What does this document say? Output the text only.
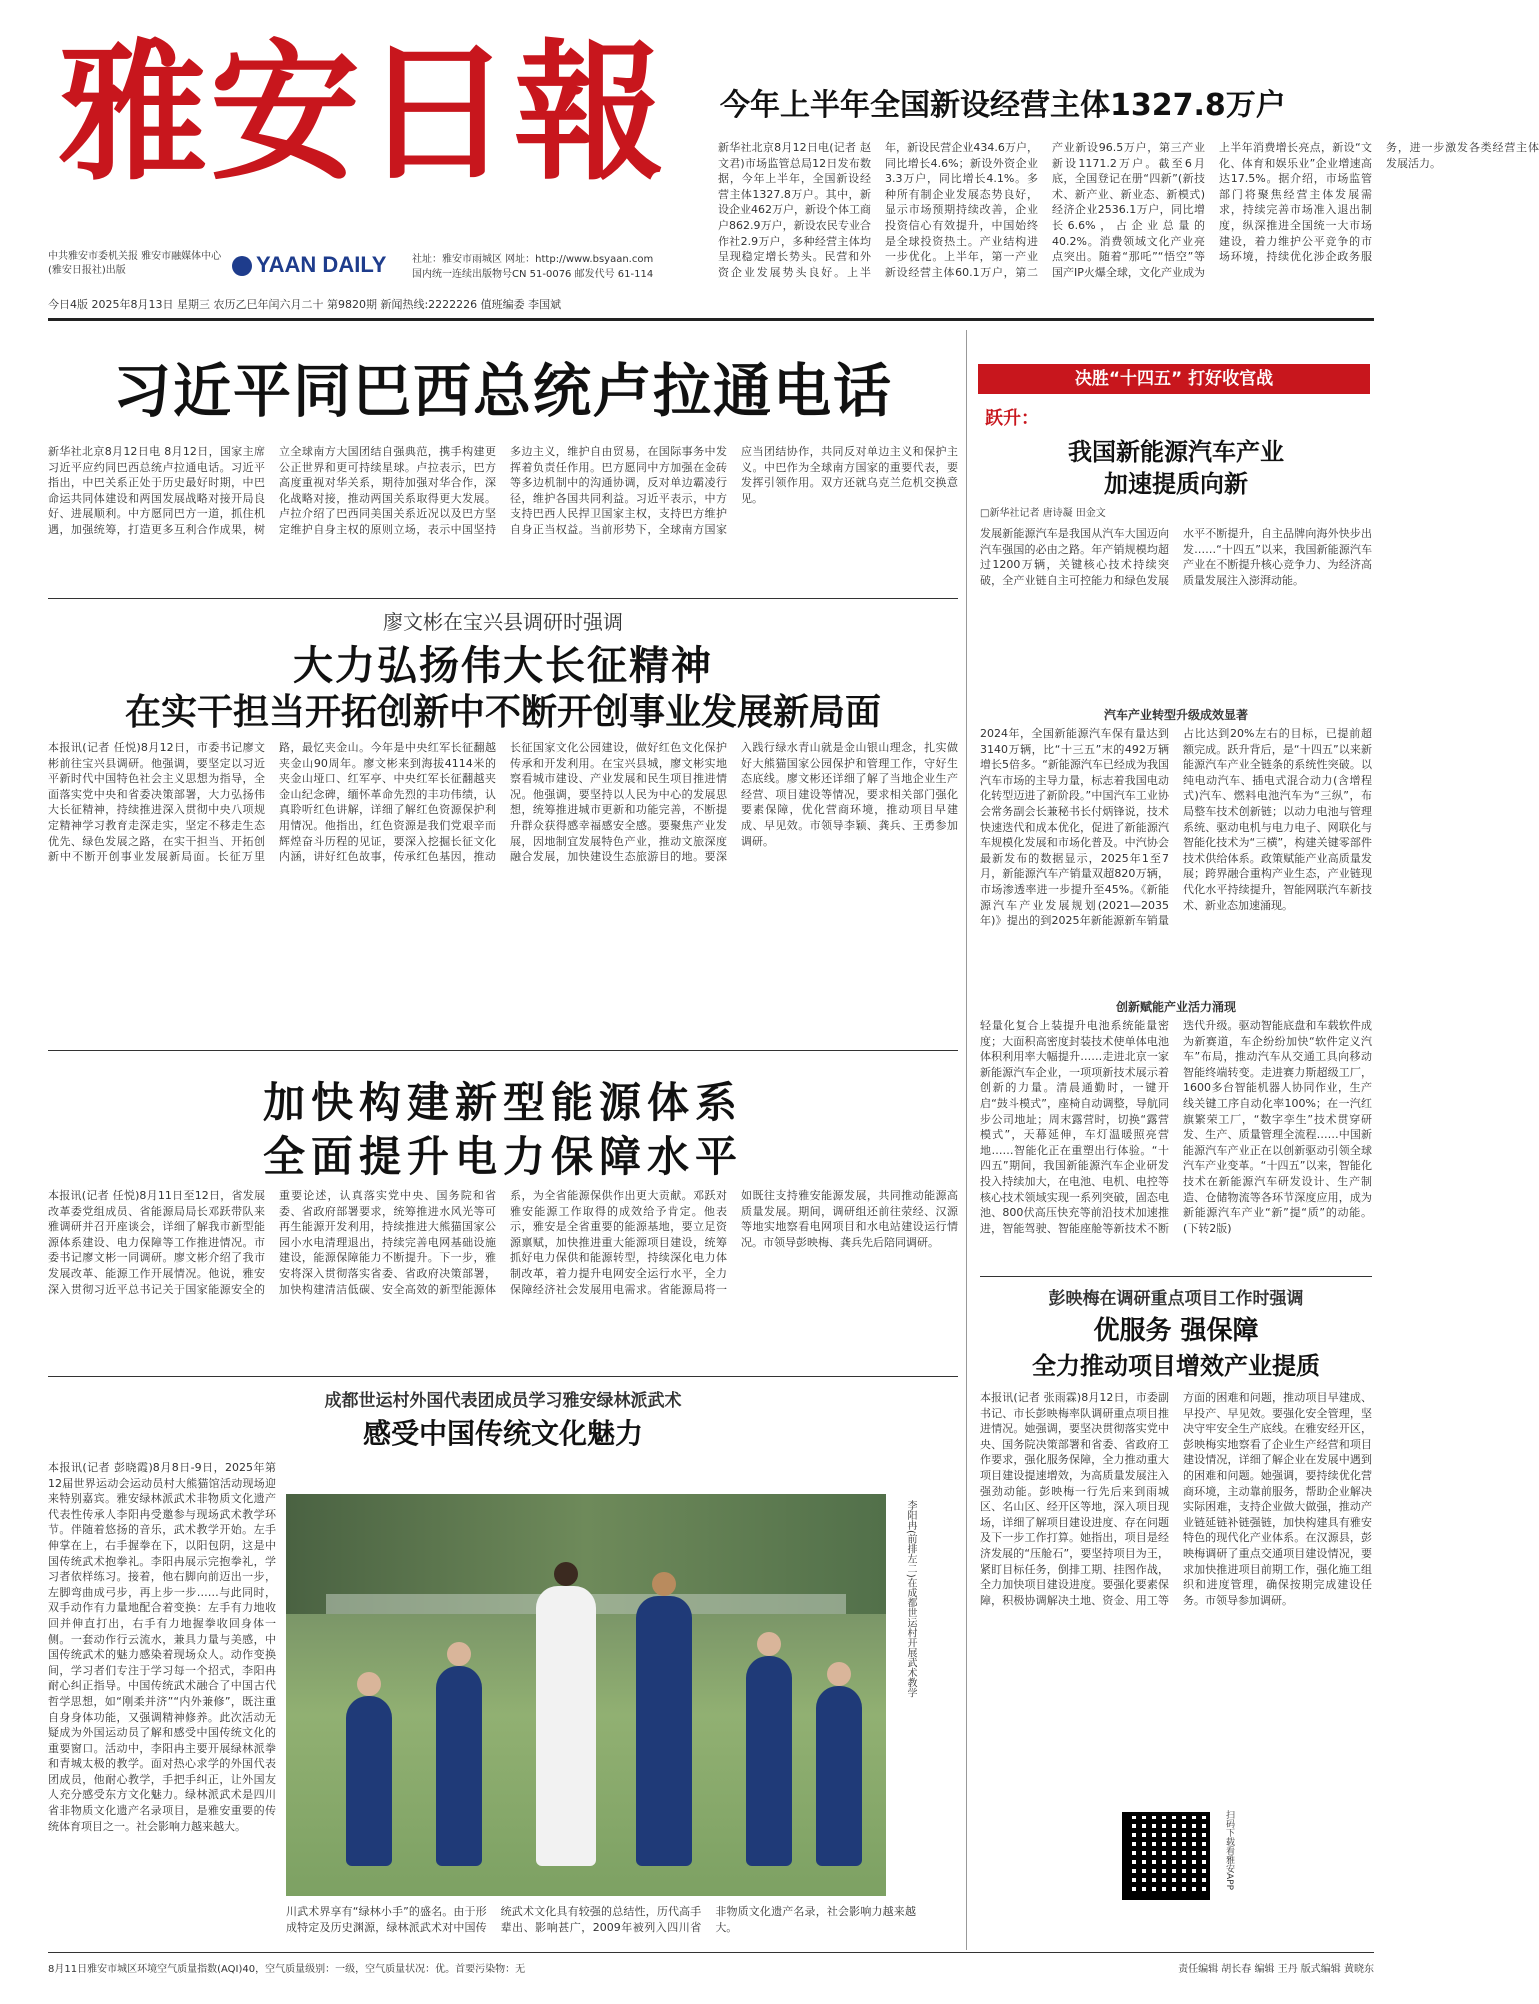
雅安日報
中共雅安市委机关报 雅安市融媒体中心(雅安日报社)出版	YAAN DAILY	社址：雅安市雨城区 网址：http://www.bsyaan.com
国内统一连续出版物号CN 51-0076 邮发代号 61-114
今日4版 2025年8月13日 星期三 农历乙巳年闰六月二十 第9820期 新闻热线:2222226 值班编委 李国斌
今年上半年全国新设经营主体1327.8万户
新华社北京8月12日电(记者 赵文君)市场监管总局12日发布数据，今年上半年，全国新设经营主体1327.8万户。其中，新设企业462万户，新设个体工商户862.9万户，新设农民专业合作社2.9万户，多种经营主体均呈现稳定增长势头。民营和外资企业发展势头良好。上半年，新设民营企业434.6万户，同比增长4.6%；新设外资企业3.3万户，同比增长4.1%。多种所有制企业发展态势良好，显示市场预期持续改善，企业投资信心有效提升，中国始终是全球投资热土。产业结构进一步优化。上半年，第一产业新设经营主体60.1万户，第二产业新设96.5万户，第三产业新设1171.2万户。截至6月底，全国登记在册“四新”(新技术、新产业、新业态、新模式)经济企业2536.1万户，同比增长6.6%，占企业总量的40.2%。消费领域文化产业亮点突出。随着“那吒”“悟空”等国产IP火爆全球，文化产业成为上半年消费增长亮点，新设“文化、体育和娱乐业”企业增速高达17.5%。据介绍，市场监管部门将聚焦经营主体发展需求，持续完善市场准入退出制度，纵深推进全国统一大市场建设，着力维护公平竞争的市场环境，持续优化涉企政务服务，进一步激发各类经营主体发展活力。
习近平同巴西总统卢拉通电话
新华社北京8月12日电 8月12日，国家主席习近平应约同巴西总统卢拉通电话。习近平指出，中巴关系正处于历史最好时期，中巴命运共同体建设和两国发展战略对接开局良好、进展顺利。中方愿同巴方一道，抓住机遇，加强统筹，打造更多互利合作成果，树立全球南方大国团结自强典范，携手构建更公正世界和更可持续星球。卢拉表示，巴方高度重视对华关系，期待加强对华合作，深化战略对接，推动两国关系取得更大发展。卢拉介绍了巴西同美国关系近况以及巴方坚定维护自身主权的原则立场，表示中国坚持多边主义，维护自由贸易，在国际事务中发挥着负责任作用。巴方愿同中方加强在金砖等多边机制中的沟通协调，反对单边霸凌行径，维护各国共同利益。习近平表示，中方支持巴西人民捍卫国家主权，支持巴方维护自身正当权益。当前形势下，全球南方国家应当团结协作，共同反对单边主义和保护主义。中巴作为全球南方国家的重要代表，要发挥引领作用。双方还就乌克兰危机交换意见。
廖文彬在宝兴县调研时强调
大力弘扬伟大长征精神
在实干担当开拓创新中不断开创事业发展新局面
本报讯(记者 任悦)8月12日，市委书记廖文彬前往宝兴县调研。他强调，要坚定以习近平新时代中国特色社会主义思想为指导，全面落实党中央和省委决策部署，大力弘扬伟大长征精神，持续推进深入贯彻中央八项规定精神学习教育走深走实，坚定不移走生态优先、绿色发展之路，在实干担当、开拓创新中不断开创事业发展新局面。长征万里路，最忆夹金山。今年是中央红军长征翻越夹金山90周年。廖文彬来到海拔4114米的夹金山垭口、红军亭、中央红军长征翻越夹金山纪念碑，缅怀革命先烈的丰功伟绩，认真聆听红色讲解，详细了解红色资源保护利用情况。他指出，红色资源是我们党艰辛而辉煌奋斗历程的见证，要深入挖掘长征文化内涵，讲好红色故事，传承红色基因，推动长征国家文化公园建设，做好红色文化保护传承和开发利用。在宝兴县城，廖文彬实地察看城市建设、产业发展和民生项目推进情况。他强调，要坚持以人民为中心的发展思想，统筹推进城市更新和功能完善，不断提升群众获得感幸福感安全感。要聚焦产业发展，因地制宜发展特色产业，推动文旅深度融合发展，加快建设生态旅游目的地。要深入践行绿水青山就是金山银山理念，扎实做好大熊猫国家公园保护和管理工作，守好生态底线。廖文彬还详细了解了当地企业生产经营、项目建设等情况，要求相关部门强化要素保障，优化营商环境，推动项目早建成、早见效。市领导李颖、龚兵、王勇参加调研。
加快构建新型能源体系
全面提升电力保障水平
本报讯(记者 任悦)8月11日至12日，省发展改革委党组成员、省能源局局长邓跃带队来雅调研并召开座谈会，详细了解我市新型能源体系建设、电力保障等工作推进情况。市委书记廖文彬一同调研。廖文彬介绍了我市发展改革、能源工作开展情况。他说，雅安深入贯彻习近平总书记关于国家能源安全的重要论述，认真落实党中央、国务院和省委、省政府部署要求，统筹推进水风光等可再生能源开发利用，持续推进大熊猫国家公园小水电清理退出，持续完善电网基础设施建设，能源保障能力不断提升。下一步，雅安将深入贯彻落实省委、省政府决策部署，加快构建清洁低碳、安全高效的新型能源体系，为全省能源保供作出更大贡献。邓跃对雅安能源工作取得的成效给予肯定。他表示，雅安是全省重要的能源基地，要立足资源禀赋，加快推进重大能源项目建设，统筹抓好电力保供和能源转型，持续深化电力体制改革，着力提升电网安全运行水平，全力保障经济社会发展用电需求。省能源局将一如既往支持雅安能源发展，共同推动能源高质量发展。期间，调研组还前往荥经、汉源等地实地察看电网项目和水电站建设运行情况。市领导彭映梅、龚兵先后陪同调研。
成都世运村外国代表团成员学习雅安绿林派武术
感受中国传统文化魅力
本报讯(记者 彭晓霞)8月8日-9日，2025年第12届世界运动会运动员村大熊猫馆活动现场迎来特别嘉宾。雅安绿林派武术非物质文化遗产代表性传承人李阳冉受邀参与现场武术教学环节。伴随着悠扬的音乐，武术教学开始。左手伸掌在上，右手握拳在下，以阳包阴，这是中国传统武术抱拳礼。李阳冉展示完抱拳礼，学习者依样练习。接着，他右脚向前迈出一步，左脚弯曲成弓步，再上步一步……与此同时，双手动作有力量地配合着变换：左手有力地收回并伸直打出，右手有力地握拳收回身体一侧。一套动作行云流水，兼具力量与美感，中国传统武术的魅力感染着现场众人。动作变换间，学习者们专注于学习每一个招式，李阳冉耐心纠正指导。中国传统武术融合了中国古代哲学思想，如“刚柔并济”“内外兼修”，既注重自身身体功能，又强调精神修养。此次活动无疑成为外国运动员了解和感受中国传统文化的重要窗口。活动中，李阳冉主要开展绿林派拳和青城太极的教学。面对热心求学的外国代表团成员，他耐心教学，手把手纠正，让外国友人充分感受东方文化魅力。绿林派武术是四川省非物质文化遗产名录项目，是雅安重要的传统体育项目之一。社会影响力越来越大。
李阳冉(前排左二)在成都世运村开展武术教学
川武术界享有“绿林小手”的盛名。由于形成特定及历史渊源，绿林派武术对中国传统武术文化具有较强的总结性，历代高手辈出、影响甚广，2009年被列入四川省非物质文化遗产名录，社会影响力越来越大。
决胜“十四五” 打好收官战
跃升：
我国新能源汽车产业
加速提质向新
□新华社记者 唐诗凝 田金文
发展新能源汽车是我国从汽车大国迈向汽车强国的必由之路。年产销规模均超过1200万辆，关键核心技术持续突破，全产业链自主可控能力和绿色发展水平不断提升，自主品牌向海外快步出发……“十四五”以来，我国新能源汽车产业在不断提升核心竞争力、为经济高质量发展注入澎湃动能。
汽车产业转型升级成效显著
2024年，全国新能源汽车保有量达到3140万辆，比“十三五”末的492万辆增长5倍多。“新能源汽车已经成为我国汽车市场的主导力量，标志着我国电动化转型迈进了新阶段。”中国汽车工业协会常务副会长兼秘书长付炳锋说，技术快速迭代和成本优化，促进了新能源汽车规模化发展和市场化普及。中汽协会最新发布的数据显示，2025年1至7月，新能源汽车产销量双超820万辆，市场渗透率进一步提升至45%。《新能源汽车产业发展规划(2021—2035年)》提出的到2025年新能源新车销量占比达到20%左右的目标，已提前超额完成。跃升背后，是“十四五”以来新能源汽车产业全链条的系统性突破。以纯电动汽车、插电式混合动力(含增程式)汽车、燃料电池汽车为“三纵”，布局整车技术创新链；以动力电池与管理系统、驱动电机与电力电子、网联化与智能化技术为“三横”，构建关键零部件技术供给体系。政策赋能产业高质量发展；跨界融合重构产业生态，产业链现代化水平持续提升，智能网联汽车新技术、新业态加速涌现。
创新赋能产业活力涌现
轻量化复合上装提升电池系统能量密度；大面积高密度封装技术使单体电池体积利用率大幅提升……走进北京一家新能源汽车企业，一项项新技术展示着创新的力量。清晨通勤时，一键开启“鼓斗模式”，座椅自动调整，导航同步公司地址；周末露营时，切换“露营模式”，天幕延伸，车灯温暖照亮营地……智能化正在重塑出行体验。“十四五”期间，我国新能源汽车企业研发投入持续加大，在电池、电机、电控等核心技术领域实现一系列突破，固态电池、800伏高压快充等前沿技术加速推进，智能驾驶、智能座舱等新技术不断迭代升级。驱动智能底盘和车载软件成为新赛道，车企纷纷加快“软件定义汽车”布局，推动汽车从交通工具向移动智能终端转变。走进赛力斯超级工厂，1600多台智能机器人协同作业，生产线关键工序自动化率100%；在一汽红旗繁荣工厂，“数字孪生”技术贯穿研发、生产、质量管理全流程……中国新能源汽车产业正在以创新驱动引领全球汽车产业变革。“十四五”以来，智能化技术在新能源汽车研发设计、生产制造、仓储物流等各环节深度应用，成为新能源汽车产业“新”提“质”的动能。(下转2版)
彭映梅在调研重点项目工作时强调
优服务 强保障
全力推动项目增效产业提质
本报讯(记者 张雨霖)8月12日，市委副书记、市长彭映梅率队调研重点项目推进情况。她强调，要坚决贯彻落实党中央、国务院决策部署和省委、省政府工作要求，强化服务保障，全力推动重大项目建设提速增效，为高质量发展注入强劲动能。彭映梅一行先后来到雨城区、名山区、经开区等地，深入项目现场，详细了解项目建设进度、存在问题及下一步工作打算。她指出，项目是经济发展的“压舱石”，要坚持项目为王，紧盯目标任务，倒排工期、挂图作战，全力加快项目建设进度。要强化要素保障，积极协调解决土地、资金、用工等方面的困难和问题，推动项目早建成、早投产、早见效。要强化安全管理，坚决守牢安全生产底线。在雅安经开区，彭映梅实地察看了企业生产经营和项目建设情况，详细了解企业在发展中遇到的困难和问题。她强调，要持续优化营商环境，主动靠前服务，帮助企业解决实际困难，支持企业做大做强，推动产业链延链补链强链，加快构建具有雅安特色的现代化产业体系。在汉源县，彭映梅调研了重点交通项目建设情况，要求加快推进项目前期工作，强化施工组织和进度管理，确保按期完成建设任务。市领导参加调研。
扫码下载看雅安APP
8月11日雅安市城区环境空气质量指数(AQI)40，空气质量级别：一级，空气质量状况：优。首要污染物：无	责任编辑 胡长春 编辑 王丹 版式编辑 黄晓东
